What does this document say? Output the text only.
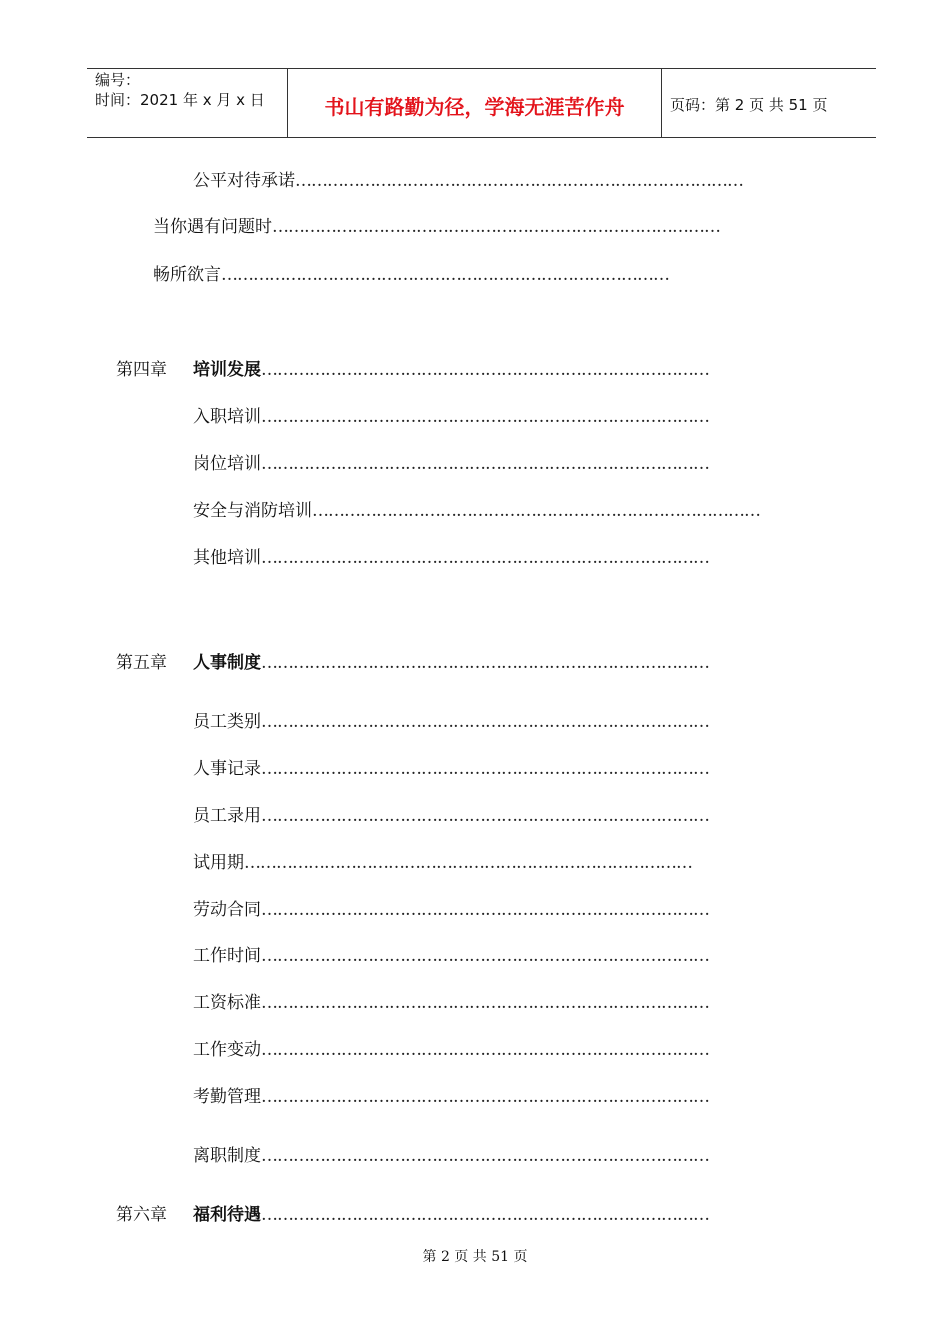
编号：
时间：2021 年 x 月 x 日	书山有路勤为径，学海无涯苦作舟	页码：第 2 页 共 51 页
公平对待承诺 …………………………………………………………………………
当你遇有问题时 …………………………………………………………………………
畅所欲言 …………………………………………………………………………
第四章 培训发展 …………………………………………………………………………
入职培训 …………………………………………………………………………
岗位培训 …………………………………………………………………………
安全与消防培训 …………………………………………………………………………
其他培训 …………………………………………………………………………
第五章 人事制度 …………………………………………………………………………
员工类别 …………………………………………………………………………
人事记录 …………………………………………………………………………
员工录用 …………………………………………………………………………
试用期 …………………………………………………………………………
劳动合同 …………………………………………………………………………
工作时间 …………………………………………………………………………
工资标准 …………………………………………………………………………
工作变动 …………………………………………………………………………
考勤管理 …………………………………………………………………………
离职制度 …………………………………………………………………………
第六章 福利待遇 …………………………………………………………………………
第 2 页 共 51 页
